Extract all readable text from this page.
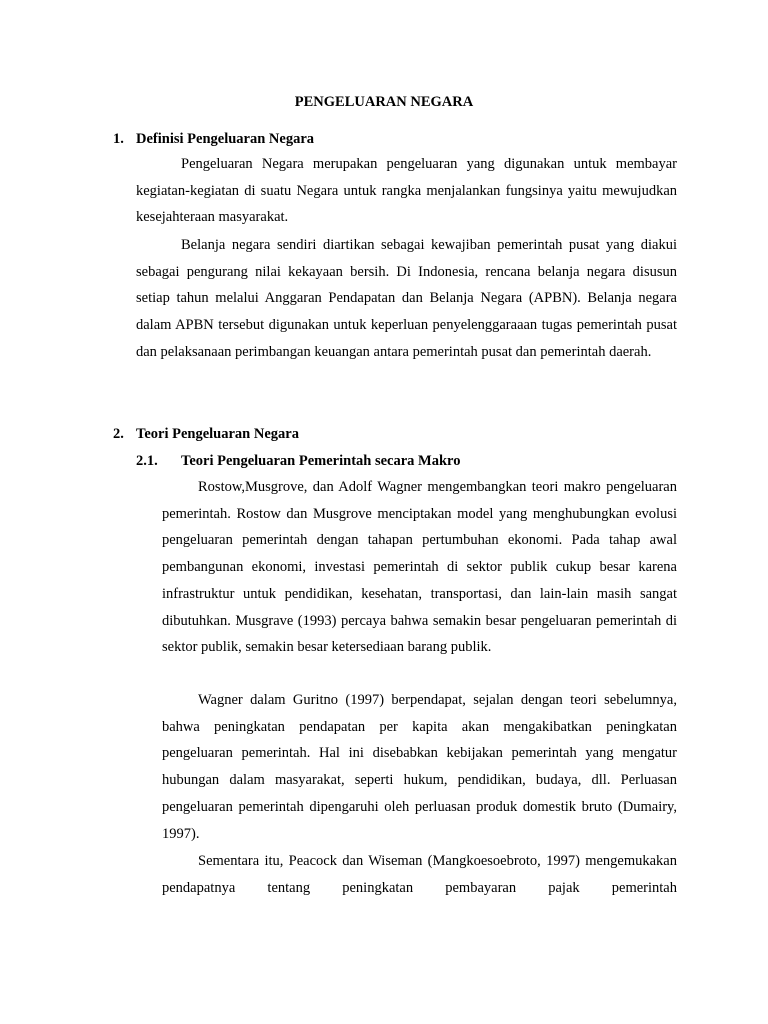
PENGELUARAN NEGARA
1. Definisi Pengeluaran Negara

Pengeluaran Negara merupakan pengeluaran yang digunakan untuk membayar kegiatan-kegiatan di suatu Negara untuk rangka menjalankan fungsinya yaitu mewujudkan kesejahteraan masyarakat.

Belanja negara sendiri diartikan sebagai kewajiban pemerintah pusat yang diakui sebagai pengurang nilai kekayaan bersih. Di Indonesia, rencana belanja negara disusun setiap tahun melalui Anggaran Pendapatan dan Belanja Negara (APBN). Belanja negara dalam APBN tersebut digunakan untuk keperluan penyelenggaraaan tugas pemerintah pusat dan pelaksanaan perimbangan keuangan antara pemerintah pusat dan pemerintah daerah.

2. Teori Pengeluaran Negara
2.1. Teori Pengeluaran Pemerintah secara Makro

Rostow,Musgrove, dan Adolf Wagner mengembangkan teori makro pengeluaran pemerintah. Rostow dan Musgrove menciptakan model yang menghubungkan evolusi pengeluaran pemerintah dengan tahapan pertumbuhan ekonomi. Pada tahap awal pembangunan ekonomi, investasi pemerintah di sektor publik cukup besar karena infrastruktur untuk pendidikan, kesehatan, transportasi, dan lain-lain masih sangat dibutuhkan. Musgrave (1993) percaya bahwa semakin besar pengeluaran pemerintah di sektor publik, semakin besar ketersediaan barang publik.

Wagner dalam Guritno (1997) berpendapat, sejalan dengan teori sebelumnya, bahwa peningkatan pendapatan per kapita akan mengakibatkan peningkatan pengeluaran pemerintah. Hal ini disebabkan kebijakan pemerintah yang mengatur hubungan dalam masyarakat, seperti hukum, pendidikan, budaya, dll. Perluasan pengeluaran pemerintah dipengaruhi oleh perluasan produk domestik bruto (Dumairy, 1997).

Sementara itu, Peacock dan Wiseman (Mangkoesoebroto, 1997) mengemukakan pendapatnya tentang peningkatan pembayaran pajak pemerintah
